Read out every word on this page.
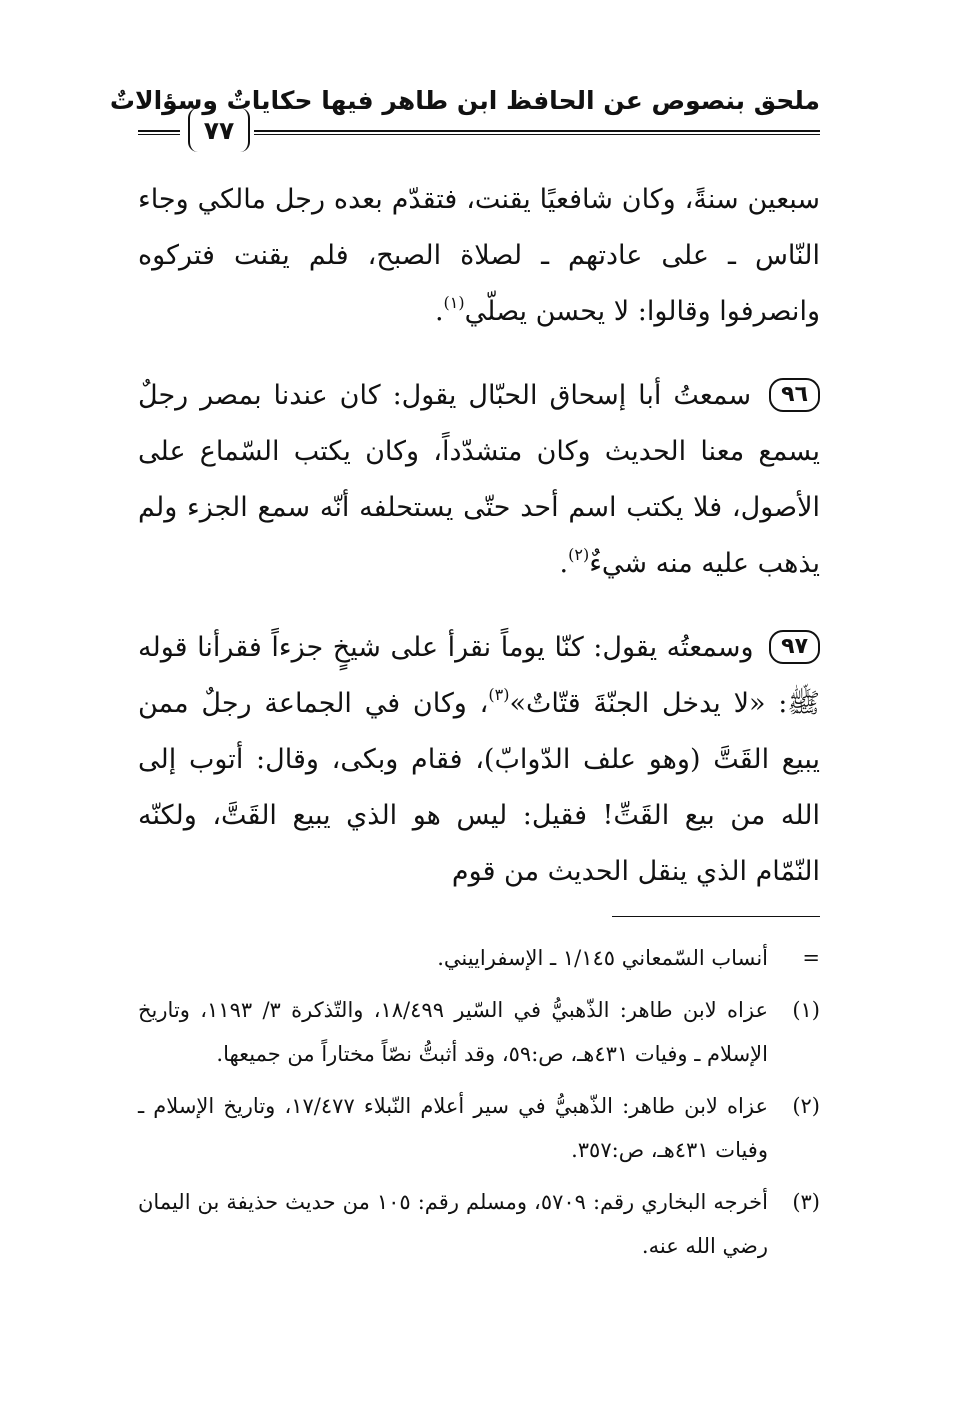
ملحق بنصوص عن الحافظ ابن طاهر فيها حكاياتٌ وسؤالاتٌ
٧٧

سبعين سنةً، وكان شافعيًا يقنت، فتقدّم بعده رجل مالكي وجاء النّاس ـ على عادتهم ـ لصلاة الصبح، فلم يقنت فتركوه وانصرفوا وقالوا: لا يحسن يصلّي$^{(١)}$.

٩٦ سمعتُ أبا إسحاق الحبّال يقول: كان عندنا بمصر رجلٌ يسمع معنا الحديث وكان متشدّداً، وكان يكتب السّماع على الأصول، فلا يكتب اسم أحد حتّى يستحلفه أنّه سمع الجزء ولم يذهب عليه منه شيءٌ$^{(٢)}$.

٩٧ وسمعتُه يقول: كنّا يوماً نقرأ على شيخٍ جزءاً فقرأنا قوله ﷺ: «لا يدخل الجنّةَ قتّاتٌ»$^{(٣)}$، وكان في الجماعة رجلٌ ممن يبيع القَتَّ (وهو علف الدّوابّ)، فقام وبكى، وقال: أتوب إلى الله من بيع القَتِّ! فقيل: ليس هو الذي يبيع القَتَّ، ولكنّه النّمّام الذي ينقل الحديث من قوم

=
أنساب السّمعاني ١/١٤٥ ـ الإسفراييني.
(١)
عزاه لابن طاهر: الذّهبيُّ في السّير ١٨/٤٩٩، والتّذكرة ٣/ ١١٩٣، وتاريخ الإسلام ـ وفيات ٤٣١هـ، ص:٥٩، وقد أثبتُّ نصّاً مختاراً من جميعها.
(٢)
عزاه لابن طاهر: الذّهبيُّ في سير أعلام النّبلاء ١٧/٤٧٧، وتاريخ الإسلام ـ وفيات ٤٣١هـ، ص:٣٥٧.
(٣)
أخرجه البخاري رقم: ٥٧٠٩، ومسلم رقم: ١٠٥ من حديث حذيفة بن اليمان رضي الله عنه.
